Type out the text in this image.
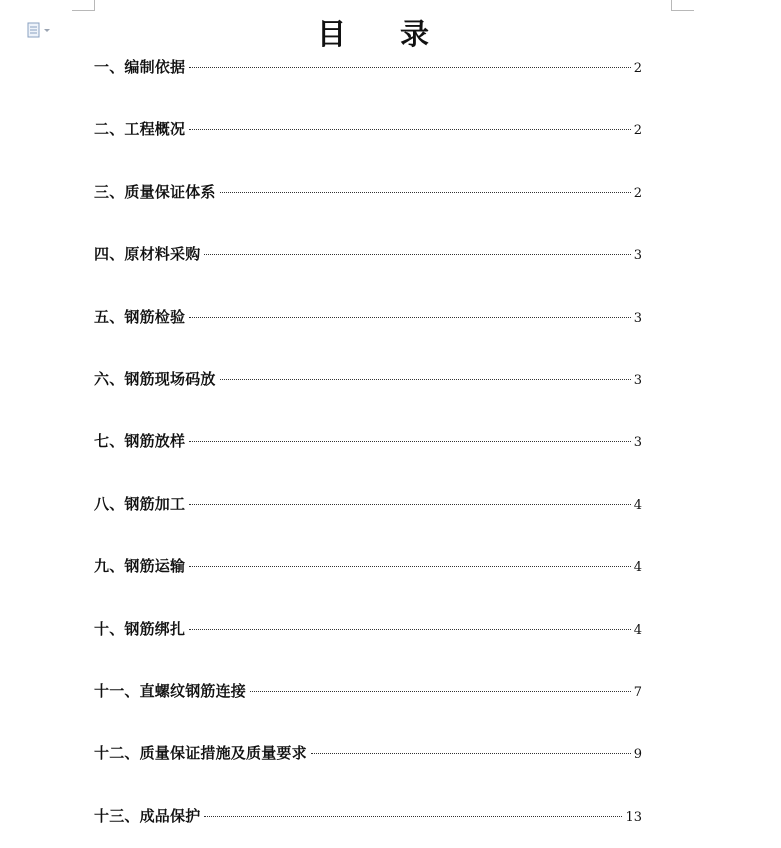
目 录
一、编制依据	2
二、工程概况	2
三、质量保证体系	2
四、原材料采购	3
五、钢筋检验	3
六、钢筋现场码放	3
七、钢筋放样	3
八、钢筋加工	4
九、钢筋运输	4
十、钢筋绑扎	4
十一、直螺纹钢筋连接	7
十二、质量保证措施及质量要求	9
十三、成品保护	13
